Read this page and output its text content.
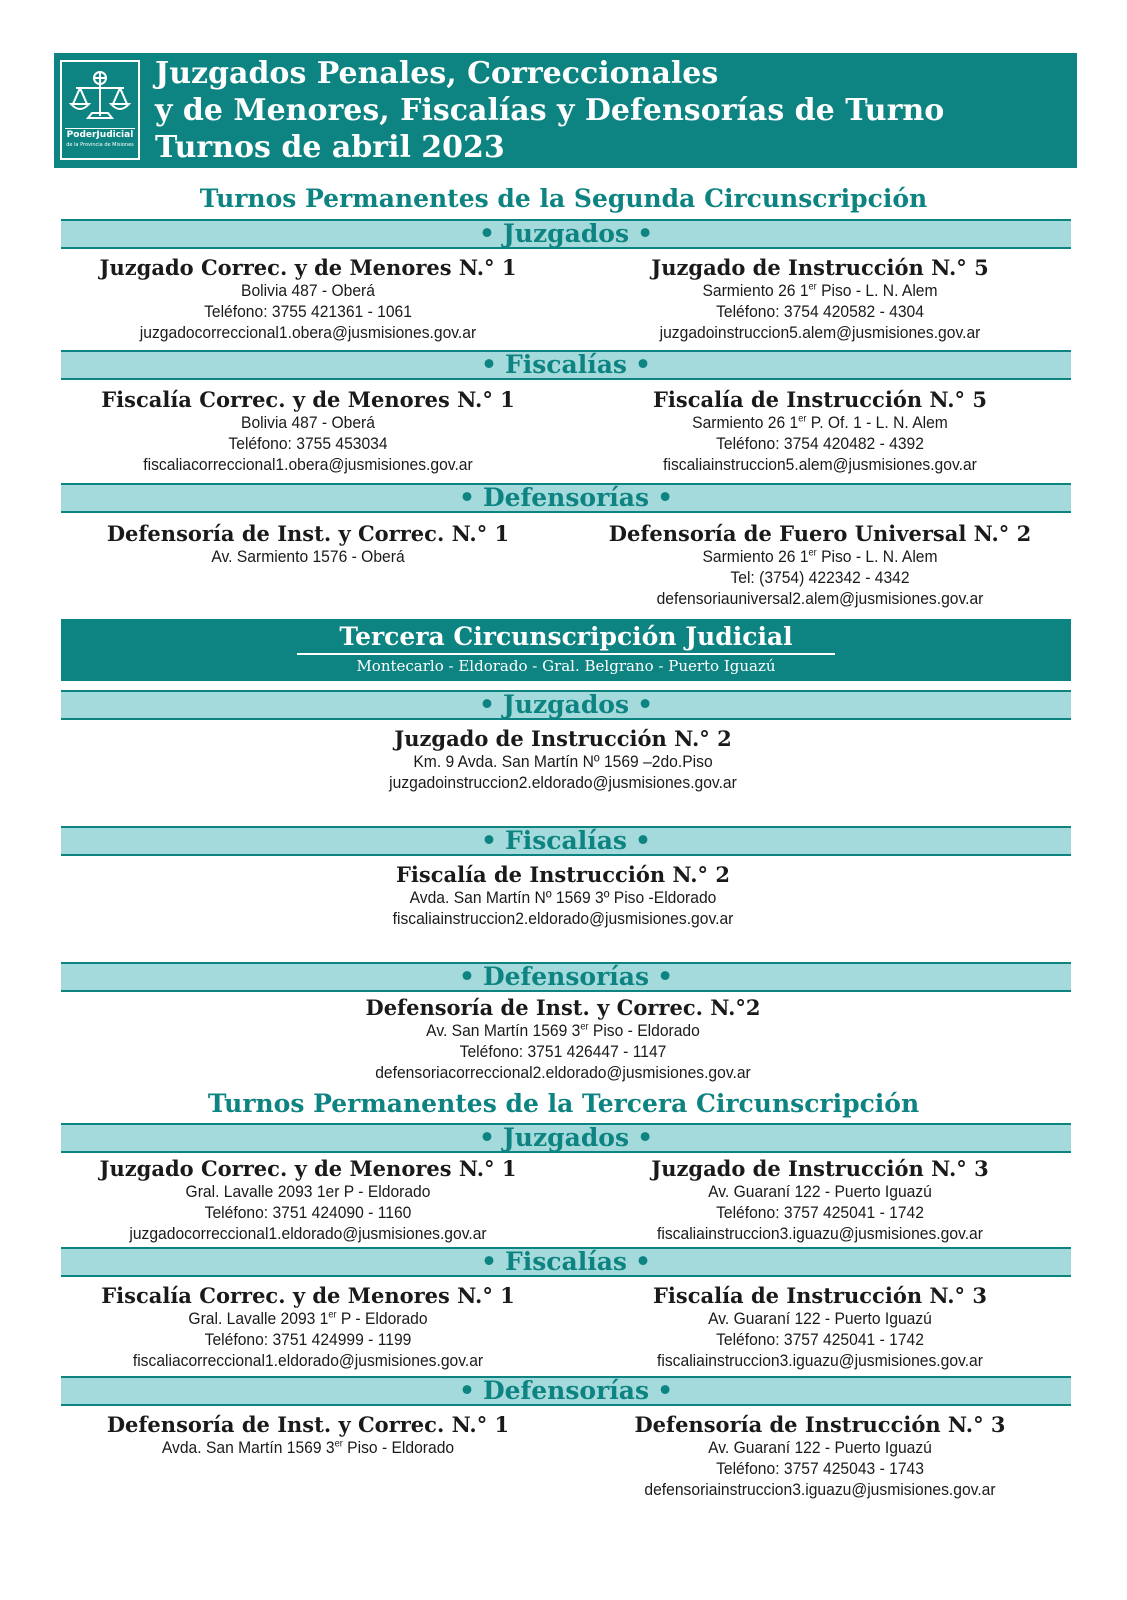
PoderJudicial
de la Provincia de Misiones
Juzgados Penales, Correccionales
y de Menores, Fiscalías y Defensorías de Turno
Turnos de abril 2023
Turnos Permanentes de la Segunda Circunscripción
• Juzgados •
Juzgado Correc. y de Menores N.° 1
Bolivia 487 - Oberá
Teléfono: 3755 421361 - 1061
juzgadocorreccional1.obera@jusmisiones.gov.ar
Juzgado de Instrucción N.° 5
Sarmiento 26 1er Piso - L. N. Alem
Teléfono: 3754 420582 - 4304
juzgadoinstruccion5.alem@jusmisiones.gov.ar
• Fiscalías •
Fiscalía Correc. y de Menores N.° 1
Bolivia 487 - Oberá
Teléfono: 3755 453034
fiscaliacorreccional1.obera@jusmisiones.gov.ar
Fiscalía de Instrucción N.° 5
Sarmiento 26 1er P. Of. 1 - L. N. Alem
Teléfono: 3754 420482 - 4392
fiscaliainstruccion5.alem@jusmisiones.gov.ar
• Defensorías •
Defensoría de Inst. y Correc. N.° 1
Av. Sarmiento 1576 - Oberá
Defensoría de Fuero Universal N.° 2
Sarmiento 26 1er Piso - L. N. Alem
Tel: (3754) 422342 - 4342
defensoriauniversal2.alem@jusmisiones.gov.ar
Tercera Circunscripción Judicial
Montecarlo - Eldorado - Gral. Belgrano - Puerto Iguazú
• Juzgados •
Juzgado de Instrucción N.° 2
Km. 9 Avda. San Martín Nº 1569 –2do.Piso
juzgadoinstruccion2.eldorado@jusmisiones.gov.ar
• Fiscalías •
Fiscalía de Instrucción N.° 2
Avda. San Martín Nº 1569 3º Piso -Eldorado
fiscaliainstruccion2.eldorado@jusmisiones.gov.ar
• Defensorías •
Defensoría de Inst. y Correc. N.°2
Av. San Martín 1569 3er Piso - Eldorado
Teléfono: 3751 426447 - 1147
defensoriacorreccional2.eldorado@jusmisiones.gov.ar
Turnos Permanentes de la Tercera Circunscripción
• Juzgados •
Juzgado Correc. y de Menores N.° 1
Gral. Lavalle 2093 1er P - Eldorado
Teléfono: 3751 424090 - 1160
juzgadocorreccional1.eldorado@jusmisiones.gov.ar
Juzgado de Instrucción N.° 3
Av. Guaraní 122 - Puerto Iguazú
Teléfono: 3757 425041 - 1742
fiscaliainstruccion3.iguazu@jusmisiones.gov.ar
• Fiscalías •
Fiscalía Correc. y de Menores N.° 1
Gral. Lavalle 2093 1er P - Eldorado
Teléfono: 3751 424999 - 1199
fiscaliacorreccional1.eldorado@jusmisiones.gov.ar
Fiscalía de Instrucción N.° 3
Av. Guaraní 122 - Puerto Iguazú
Teléfono: 3757 425041 - 1742
fiscaliainstruccion3.iguazu@jusmisiones.gov.ar
• Defensorías •
Defensoría de Inst. y Correc. N.° 1
Avda. San Martín 1569 3er Piso - Eldorado
Defensoría de Instrucción N.° 3
Av. Guaraní 122 - Puerto Iguazú
Teléfono: 3757 425043 - 1743
defensoriainstruccion3.iguazu@jusmisiones.gov.ar
